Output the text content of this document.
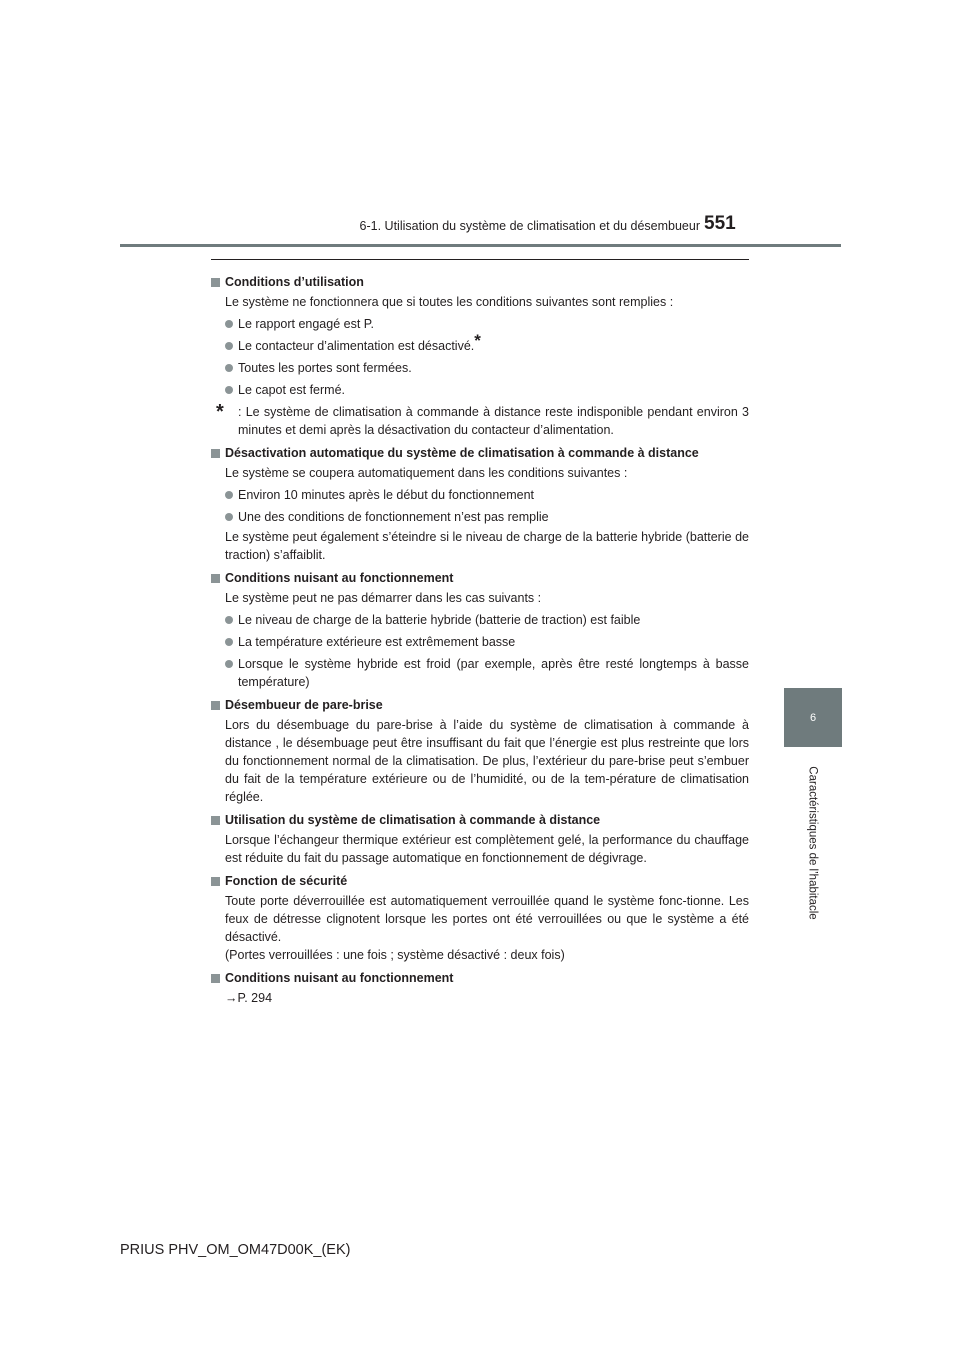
6-1. Utilisation du système de climatisation et du désembueur 551
6
Caractéristiques de l’habitacle
Conditions d’utilisation
Le système ne fonctionnera que si toutes les conditions suivantes sont remplies :
Le rapport engagé est P.
Le contacteur d’alimentation est désactivé.*
Toutes les portes sont fermées.
Le capot est fermé.
* : Le système de climatisation à commande à distance reste indisponible pendant environ 3 minutes et demi après la désactivation du contacteur d’alimentation.
Désactivation automatique du système de climatisation à commande à distance
Le système se coupera automatiquement dans les conditions suivantes :
Environ 10 minutes après le début du fonctionnement
Une des conditions de fonctionnement n’est pas remplie
Le système peut également s’éteindre si le niveau de charge de la batterie hybride (batterie de traction) s’affaiblit.
Conditions nuisant au fonctionnement
Le système peut ne pas démarrer dans les cas suivants :
Le niveau de charge de la batterie hybride (batterie de traction) est faible
La température extérieure est extrêmement basse
Lorsque le système hybride est froid (par exemple, après être resté longtemps à basse température)
Désembueur de pare-brise
Lors du désembuage du pare-brise à l’aide du système de climatisation à commande à distance , le désembuage peut être insuffisant du fait que l’énergie est plus restreinte que lors du fonctionnement normal de la climatisation. De plus, l’extérieur du pare-brise peut s’embuer du fait de la température extérieure ou de l’humidité, ou de la tem-pérature de climatisation réglée.
Utilisation du système de climatisation à commande à distance
Lorsque l’échangeur thermique extérieur est complètement gelé, la performance du chauffage est réduite du fait du passage automatique en fonctionnement de dégivrage.
Fonction de sécurité
Toute porte déverrouillée est automatiquement verrouillée quand le système fonc-tionne. Les feux de détresse clignotent lorsque les portes ont été verrouillées ou que le système a été désactivé.
(Portes verrouillées : une fois ; système désactivé : deux fois)
Conditions nuisant au fonctionnement
→P. 294
PRIUS PHV_OM_OM47D00K_(EK)
